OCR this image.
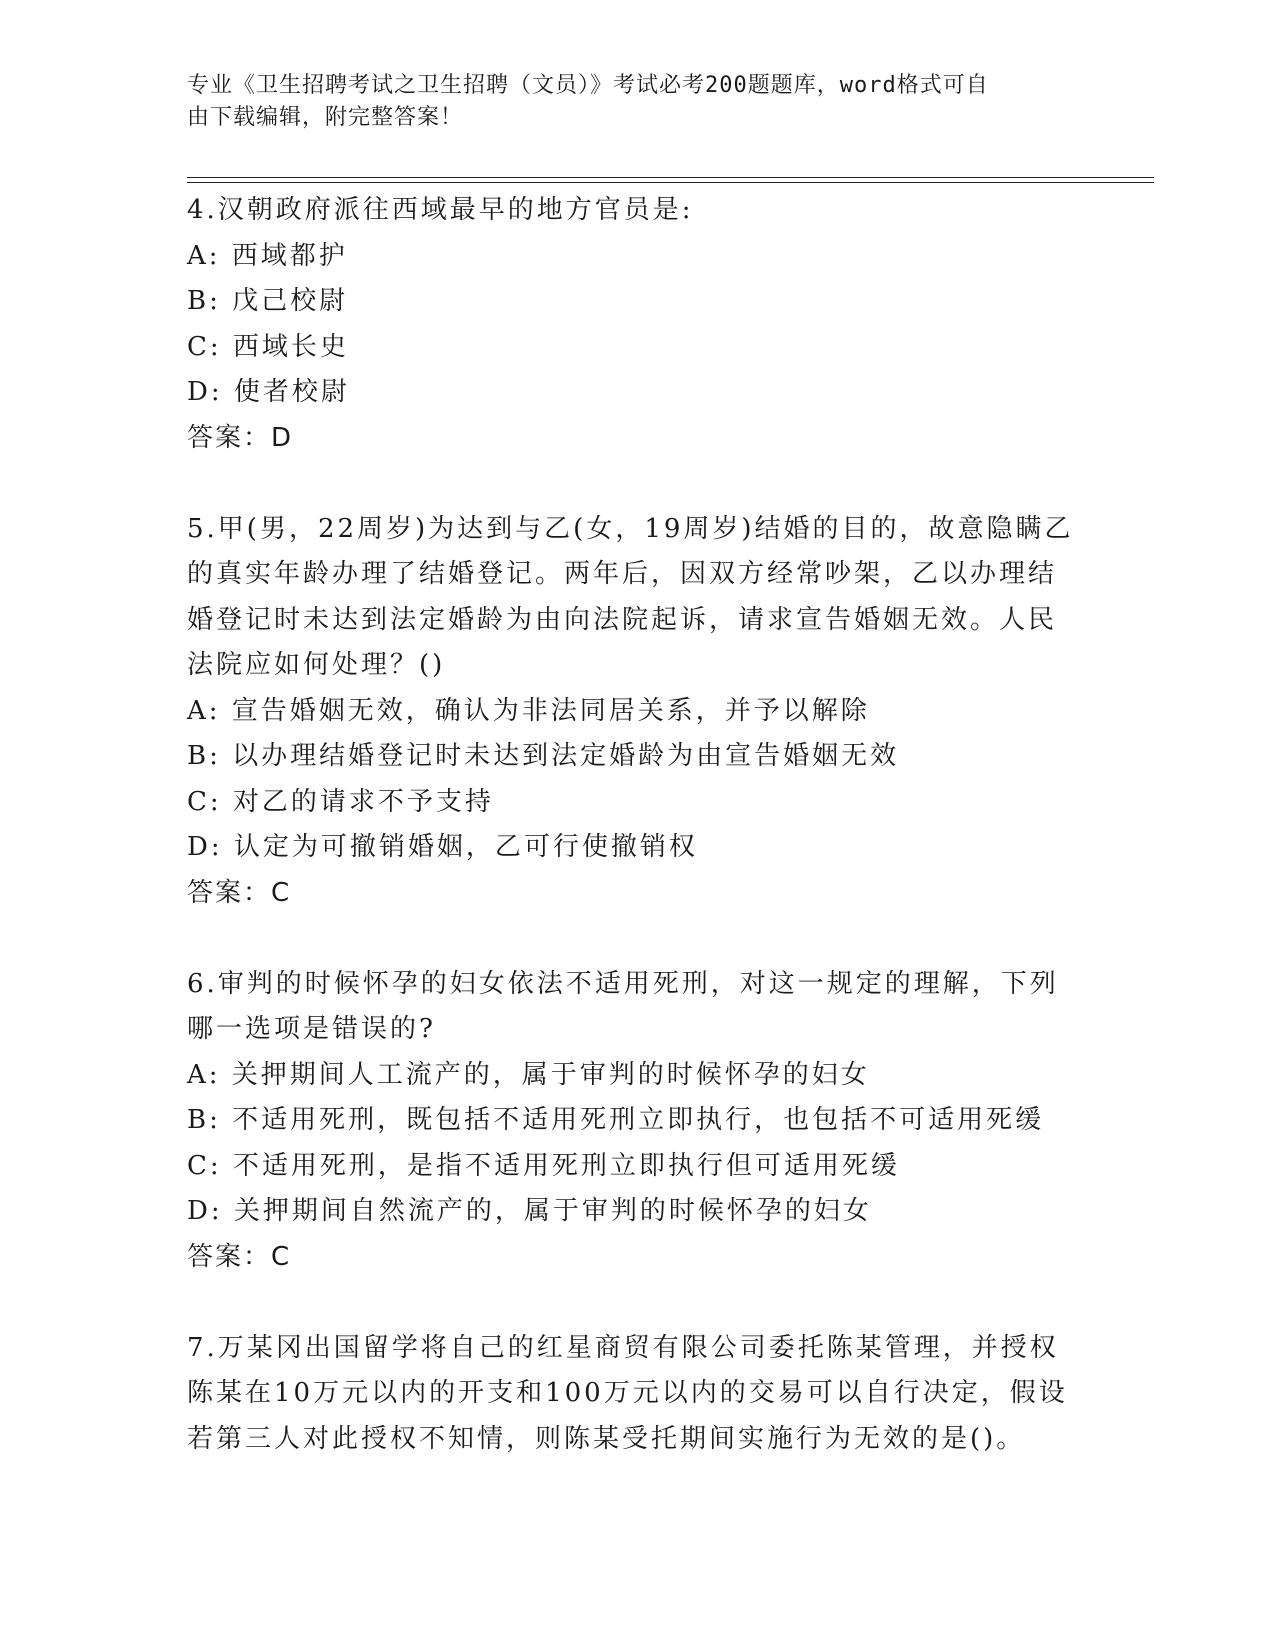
专业《卫生招聘考试之卫生招聘（文员）》考试必考200题题库，word格式可自
由下载编辑，附完整答案！
4.汉朝政府派往西域最早的地方官员是:
A: 西域都护
B: 戊己校尉
C: 西域长史
D: 使者校尉
答案：D
5.甲(男，22周岁)为达到与乙(女，19周岁)结婚的目的，故意隐瞒乙
的真实年龄办理了结婚登记。两年后，因双方经常吵架，乙以办理结
婚登记时未达到法定婚龄为由向法院起诉，请求宣告婚姻无效。人民
法院应如何处理？()
A: 宣告婚姻无效，确认为非法同居关系，并予以解除
B: 以办理结婚登记时未达到法定婚龄为由宣告婚姻无效
C: 对乙的请求不予支持
D: 认定为可撤销婚姻，乙可行使撤销权
答案：C
6.审判的时候怀孕的妇女依法不适用死刑，对这一规定的理解，下列
哪一选项是错误的?
A: 关押期间人工流产的，属于审判的时候怀孕的妇女
B: 不适用死刑，既包括不适用死刑立即执行，也包括不可适用死缓
C: 不适用死刑，是指不适用死刑立即执行但可适用死缓
D: 关押期间自然流产的，属于审判的时候怀孕的妇女
答案：C
7.万某冈出国留学将自己的红星商贸有限公司委托陈某管理，并授权
陈某在10万元以内的开支和100万元以内的交易可以自行决定，假设
若第三人对此授权不知情，则陈某受托期间实施行为无效的是()。
